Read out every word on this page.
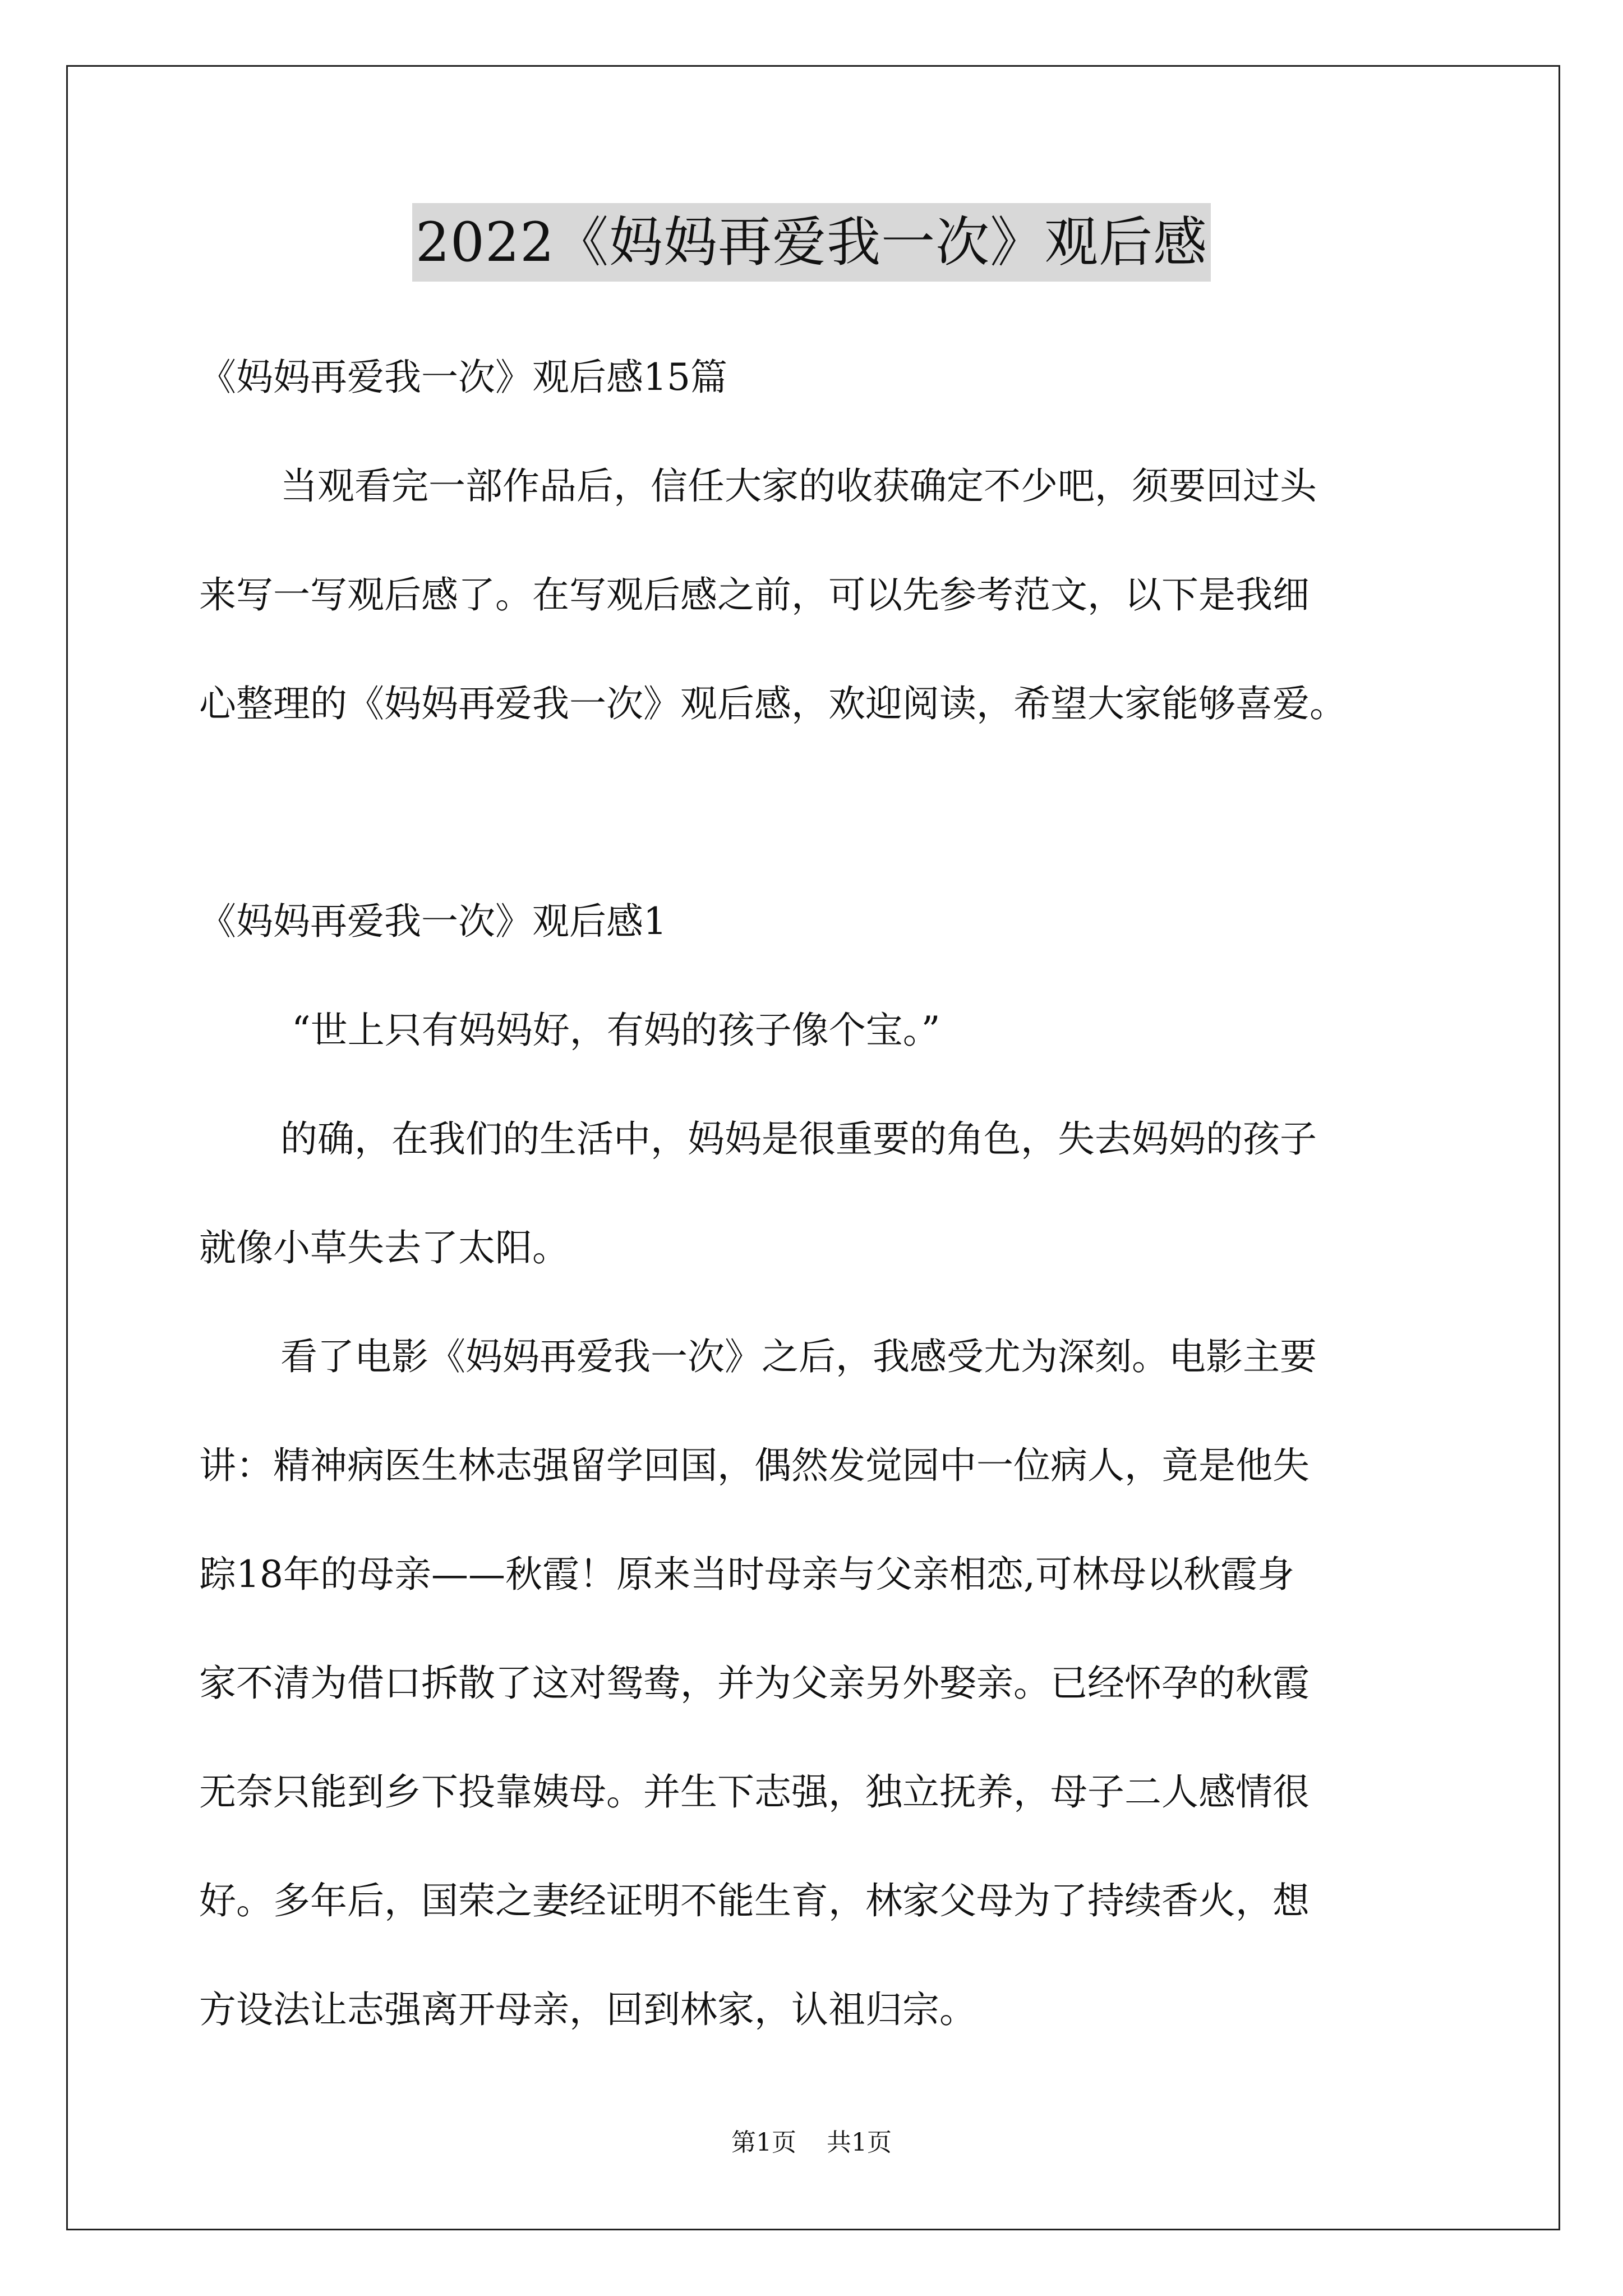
2022《妈妈再爱我一次》观后感
《妈妈再爱我一次》观后感15篇
当观看完一部作品后，信任大家的收获确定不少吧，须要回过头
来写一写观后感了。在写观后感之前，可以先参考范文，以下是我细
心整理的《妈妈再爱我一次》观后感，欢迎阅读，希望大家能够喜爱。
《妈妈再爱我一次》观后感1
“世上只有妈妈好，有妈的孩子像个宝。”
的确，在我们的生活中，妈妈是很重要的角色，失去妈妈的孩子
就像小草失去了太阳。
看了电影《妈妈再爱我一次》之后，我感受尤为深刻。电影主要
讲：精神病医生林志强留学回国，偶然发觉园中一位病人，竟是他失
踪18年的母亲——秋霞！原来当时母亲与父亲相恋,可林母以秋霞身
家不清为借口拆散了这对鸳鸯，并为父亲另外娶亲。已经怀孕的秋霞
无奈只能到乡下投靠姨母。并生下志强，独立抚养，母子二人感情很
好。多年后，国荣之妻经证明不能生育，林家父母为了持续香火，想
方设法让志强离开母亲，回到林家，认祖归宗。
第1页 共1页
